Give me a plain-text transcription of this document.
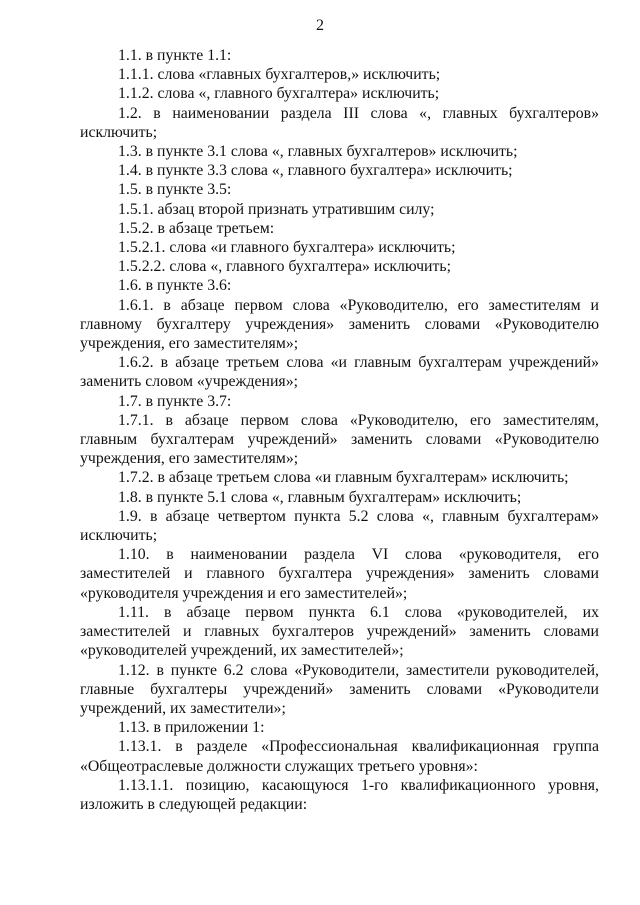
2

1.1. в пункте 1.1:

1.1.1. слова «главных бухгалтеров,» исключить;

1.1.2. слова «, главного бухгалтера» исключить;

1.2. в наименовании раздела III слова «, главных бухгалтеров» исключить;

1.3. в пункте 3.1 слова «, главных бухгалтеров» исключить;

1.4. в пункте 3.3 слова «, главного бухгалтера» исключить;

1.5. в пункте 3.5:

1.5.1. абзац второй признать утратившим силу;

1.5.2. в абзаце третьем:

1.5.2.1. слова «и главного бухгалтера» исключить;

1.5.2.2. слова «, главного бухгалтера» исключить;

1.6. в пункте 3.6:

1.6.1. в абзаце первом слова «Руководителю, его заместителям и главному бухгалтеру учреждения» заменить словами «Руководителю учреждения, его заместителям»;

1.6.2. в абзаце третьем слова «и главным бухгалтерам учреждений» заменить словом «учреждения»;

1.7. в пункте 3.7:

1.7.1. в абзаце первом слова «Руководителю, его заместителям, главным бухгалтерам учреждений» заменить словами «Руководителю учреждения, его заместителям»;

1.7.2. в абзаце третьем слова «и главным бухгалтерам» исключить;

1.8. в пункте 5.1 слова «, главным бухгалтерам» исключить;

1.9. в абзаце четвертом пункта 5.2 слова «, главным бухгалтерам» исключить;

1.10. в наименовании раздела VI слова «руководителя, его заместителей и главного бухгалтера учреждения» заменить словами «руководителя учреждения и его заместителей»;

1.11. в абзаце первом пункта 6.1 слова «руководителей, их заместителей и главных бухгалтеров учреждений» заменить словами «руководителей учреждений, их заместителей»;

1.12. в пункте 6.2 слова «Руководители, заместители руководителей, главные бухгалтеры учреждений» заменить словами «Руководители учреждений, их заместители»;

1.13. в приложении 1:

1.13.1. в разделе «Профессиональная квалификационная группа «Общеотраслевые должности служащих третьего уровня»:

1.13.1.1. позицию, касающуюся 1-го квалификационного уровня, изложить в следующей редакции:
